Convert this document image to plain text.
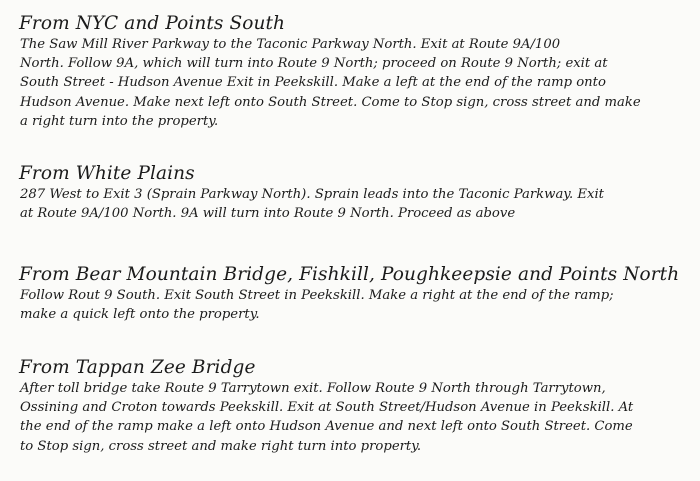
From NYC and Points South

The Saw Mill River Parkway to the Taconic Parkway North. Exit at Route 9A/100
North. Follow 9A, which will turn into Route 9 North; proceed on Route 9 North; exit at
South Street - Hudson Avenue Exit in Peekskill. Make a left at the end of the ramp onto
Hudson Avenue. Make next left onto South Street. Come to Stop sign, cross street and make
a right turn into the property.

From White Plains

287 West to Exit 3 (Sprain Parkway North). Sprain leads into the Taconic Parkway. Exit
at Route 9A/100 North. 9A will turn into Route 9 North. Proceed as above

From Bear Mountain Bridge, Fishkill, Poughkeepsie and Points North

Follow Rout 9 South. Exit South Street in Peekskill. Make a right at the end of the ramp;
make a quick left onto the property.

From Tappan Zee Bridge

After toll bridge take Route 9 Tarrytown exit. Follow Route 9 North through Tarrytown,
Ossining and Croton towards Peekskill. Exit at South Street/Hudson Avenue in Peekskill. At
the end of the ramp make a left onto Hudson Avenue and next left onto South Street. Come
to Stop sign, cross street and make right turn into property.
